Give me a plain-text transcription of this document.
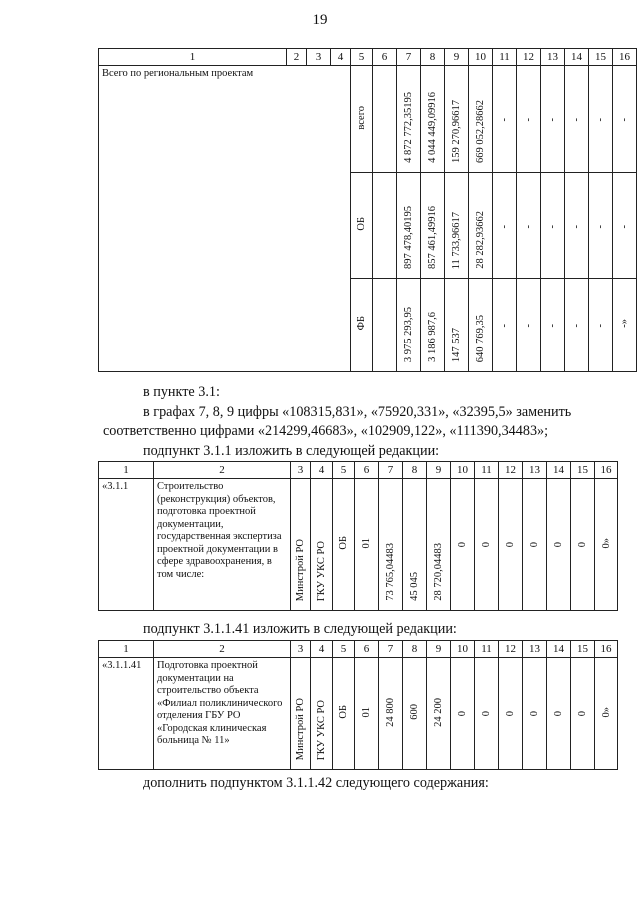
19
1	2	3	4	5	6	7	8	9	10	11	12	13	14	15	16
Всего по региональным проектам				всего		4 872 772,35195	4 044 449,09916	159 270,96617	669 052,28662	-	-	-	-	-	-
				ОБ		897 478,40195	857 461,49916	11 733,96617	28 282,93662	-	-	-	-	-	-
				ФБ		3 975 293,95	3 186 987,6	147 537	640 769,35	-	-	-	-	-	-»
в пункте 3.1:
в графах 7, 8, 9 цифры «108315,831», «75920,331», «32395,5» заменить
соответственно цифрами «214299,46683», «102909,122», «111390,34483»;
подпункт 3.1.1 изложить в следующей редакции:
1	2	3	4	5	6	7	8	9	10	11	12	13	14	15	16
«3.1.1	Строительство (реконструкция) объектов, подготовка проектной документации, государственная экспертиза проектной документации в сфере здравоохранения, в том числе:	Минстрой РО	ГКУ УКС РО	ОБ	01	73 765,04483	45 045	28 720,04483	0	0	0	0	0	0	0»
подпункт 3.1.1.41 изложить в следующей редакции:
1	2	3	4	5	6	7	8	9	10	11	12	13	14	15	16
«3.1.1.41	Подготовка проектной документации на строительство объекта «Филиал поликлинического отделения ГБУ РО «Городская клиническая больница № 11»	Минстрой РО	ГКУ УКС РО	ОБ	01	24 800	600	24 200	0	0	0	0	0	0	0»
дополнить подпунктом 3.1.1.42 следующего содержания:
